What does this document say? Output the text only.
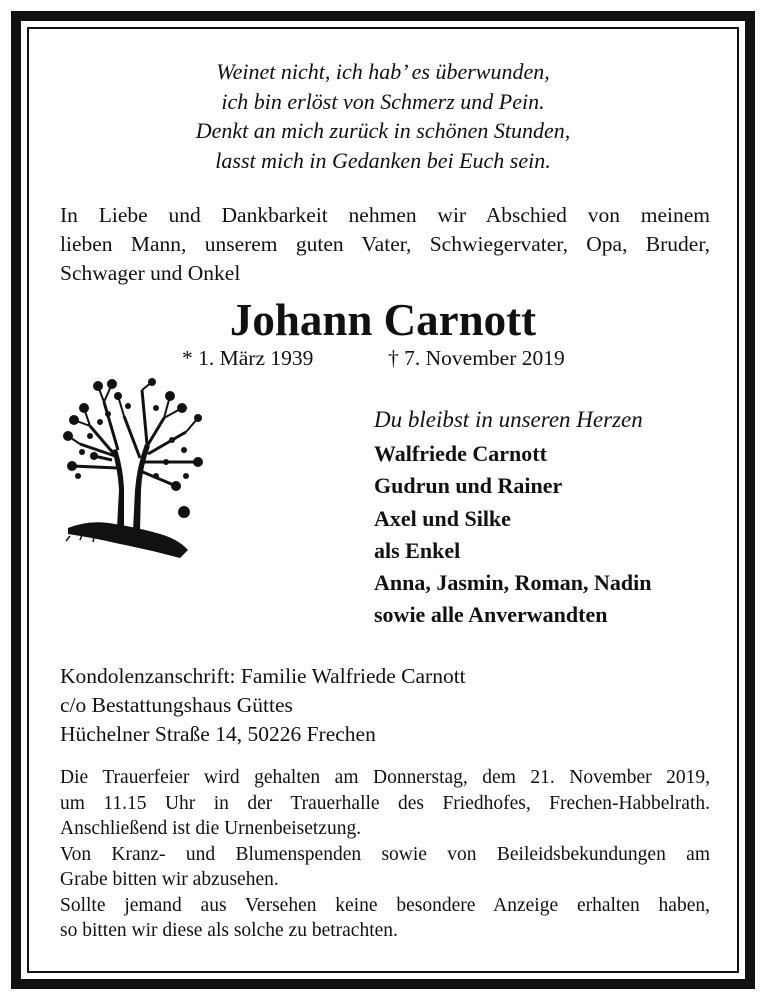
Weinet nicht, ich hab’ es überwunden,
ich bin erlöst von Schmerz und Pein.
Denkt an mich zurück in schönen Stunden,
lasst mich in Gedanken bei Euch sein.
In Liebe und Dankbarkeit nehmen wir Abschied von meinem
lieben Mann, unserem guten Vater, Schwiegervater, Opa, Bruder,
Schwager und Onkel
Johann Carnott
* 1. März 1939	† 7. November 2019
Du bleibst in unseren Herzen
Walfriede Carnott
Gudrun und Rainer
Axel und Silke
als Enkel
Anna, Jasmin, Roman, Nadin
sowie alle Anverwandten
Kondolenzanschrift: Familie Walfriede Carnott
c/o Bestattungshaus Güttes
Hüchelner Straße 14, 50226 Frechen
Die Trauerfeier wird gehalten am Donnerstag, dem 21. November 2019,
um 11.15 Uhr in der Trauerhalle des Friedhofes, Frechen-Habbelrath.
Anschließend ist die Urnenbeisetzung.
Von Kranz- und Blumenspenden sowie von Beileidsbekundungen am
Grabe bitten wir abzusehen.
Sollte jemand aus Versehen keine besondere Anzeige erhalten haben,
so bitten wir diese als solche zu betrachten.
